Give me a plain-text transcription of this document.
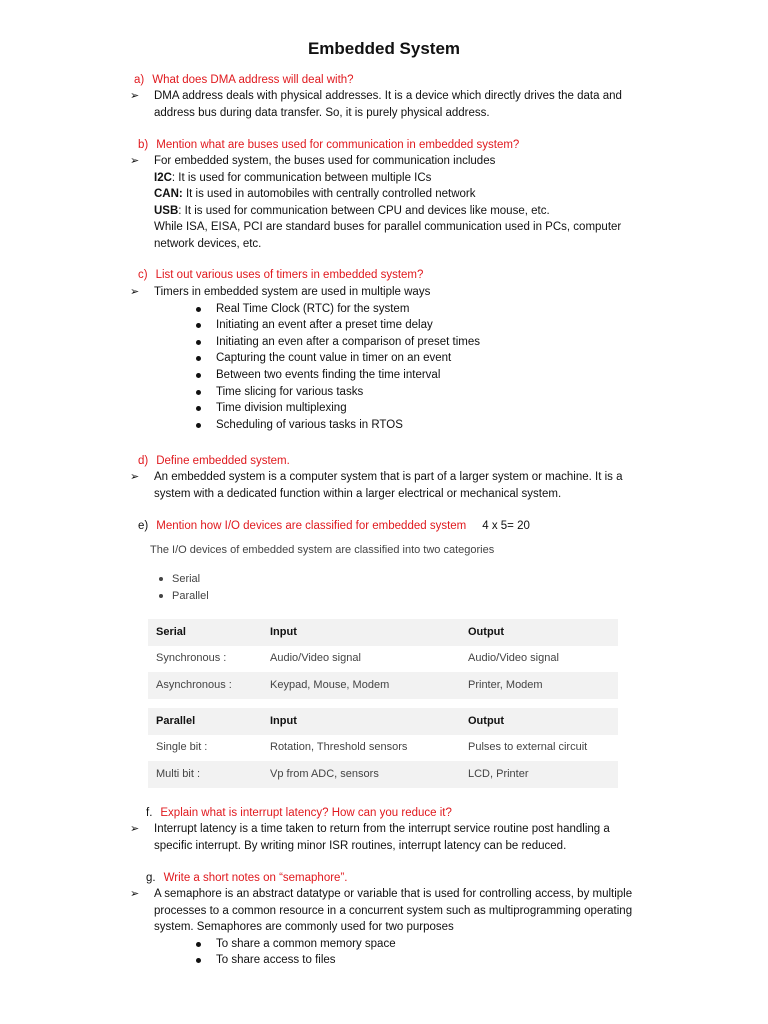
Embedded System
a) What does DMA address will deal with?
➢ DMA address deals with physical addresses. It is a device which directly drives the data and
address bus during data transfer. So, it is purely physical address.
b) Mention what are buses used for communication in embedded system?
➢ For embedded system, the buses used for communication includes
I2C: It is used for communication between multiple ICs
CAN: It is used in automobiles with centrally controlled network
USB: It is used for communication between CPU and devices like mouse, etc.
While ISA, EISA, PCI are standard buses for parallel communication used in PCs, computer
network devices, etc.
c) List out various uses of timers in embedded system?
➢ Timers in embedded system are used in multiple ways
Real Time Clock (RTC) for the system
Initiating an event after a preset time delay
Initiating an even after a comparison of preset times
Capturing the count value in timer on an event
Between two events finding the time interval
Time slicing for various tasks
Time division multiplexing
Scheduling of various tasks in RTOS
d) Define embedded system.
➢ An embedded system is a computer system that is part of a larger system or machine. It is a
system with a dedicated function within a larger electrical or mechanical system.
e) Mention how I/O devices are classified for embedded system 4 x 5= 20
The I/O devices of embedded system are classified into two categories
Serial
Parallel
Serial	Input	Output
Synchronous :	Audio/Video signal	Audio/Video signal
Asynchronous :	Keypad, Mouse, Modem	Printer, Modem
Parallel	Input	Output
Single bit :	Rotation, Threshold sensors	Pulses to external circuit
Multi bit :	Vp from ADC, sensors	LCD, Printer
f. Explain what is interrupt latency? How can you reduce it?
➢ Interrupt latency is a time taken to return from the interrupt service routine post handling a
specific interrupt. By writing minor ISR routines, interrupt latency can be reduced.
g. Write a short notes on “semaphore”.
➢ A semaphore is an abstract datatype or variable that is used for controlling access, by multiple
processes to a common resource in a concurrent system such as multiprogramming operating
system. Semaphores are commonly used for two purposes
To share a common memory space
To share access to files
